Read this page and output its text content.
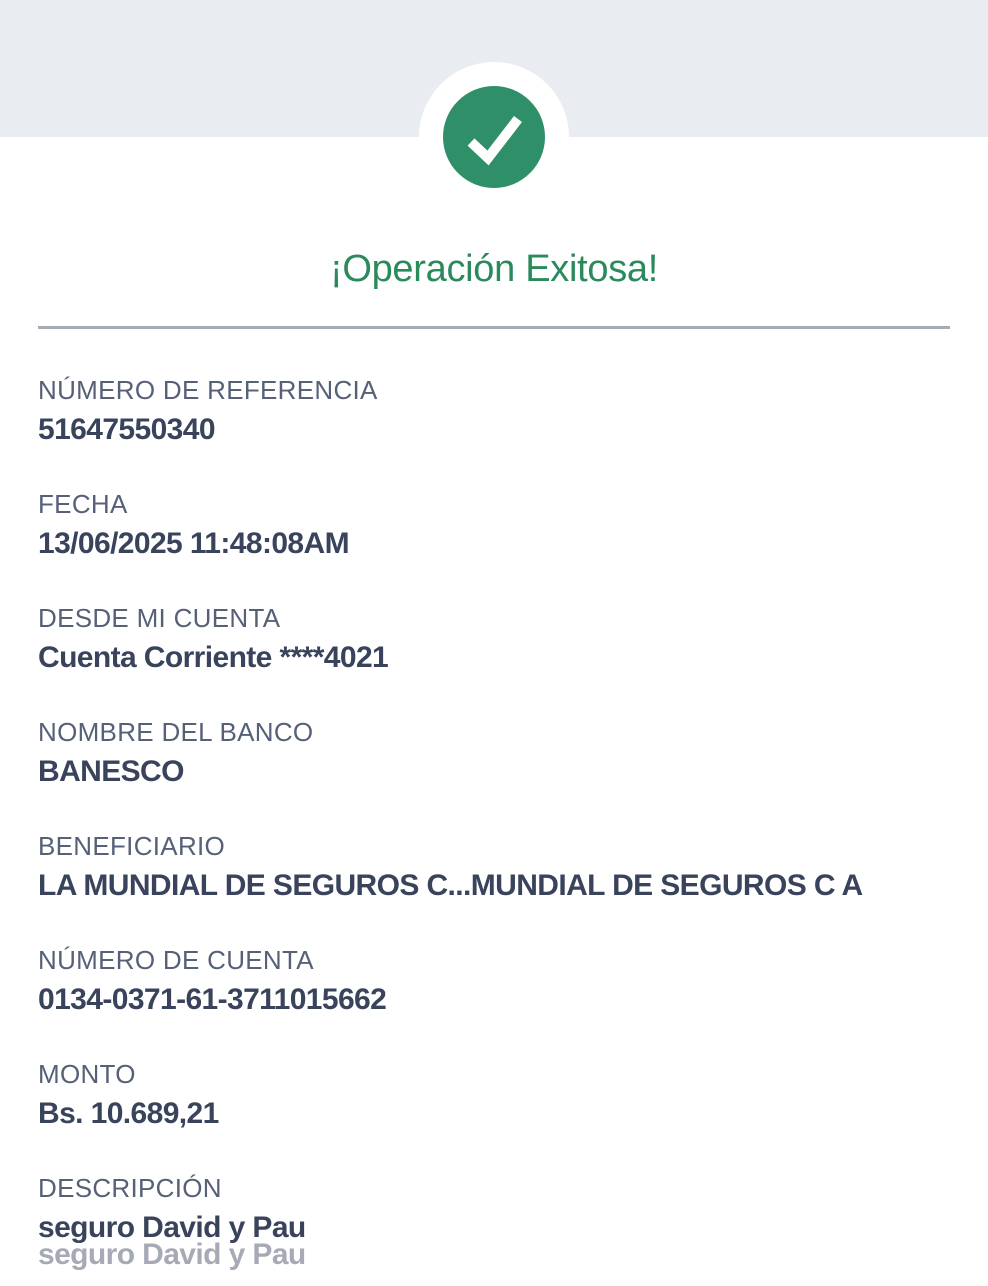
¡Operación Exitosa!
NÚMERO DE REFERENCIA
51647550340
FECHA
13/06/2025 11:48:08AM
DESDE MI CUENTA
Cuenta Corriente ****4021
NOMBRE DEL BANCO
BANESCO
BENEFICIARIO
LA MUNDIAL DE SEGUROS C...MUNDIAL DE SEGUROS C A
NÚMERO DE CUENTA
0134-0371-61-3711015662
MONTO
Bs. 10.689,21
DESCRIPCIÓN
seguro David y Pau
seguro David y Pau
